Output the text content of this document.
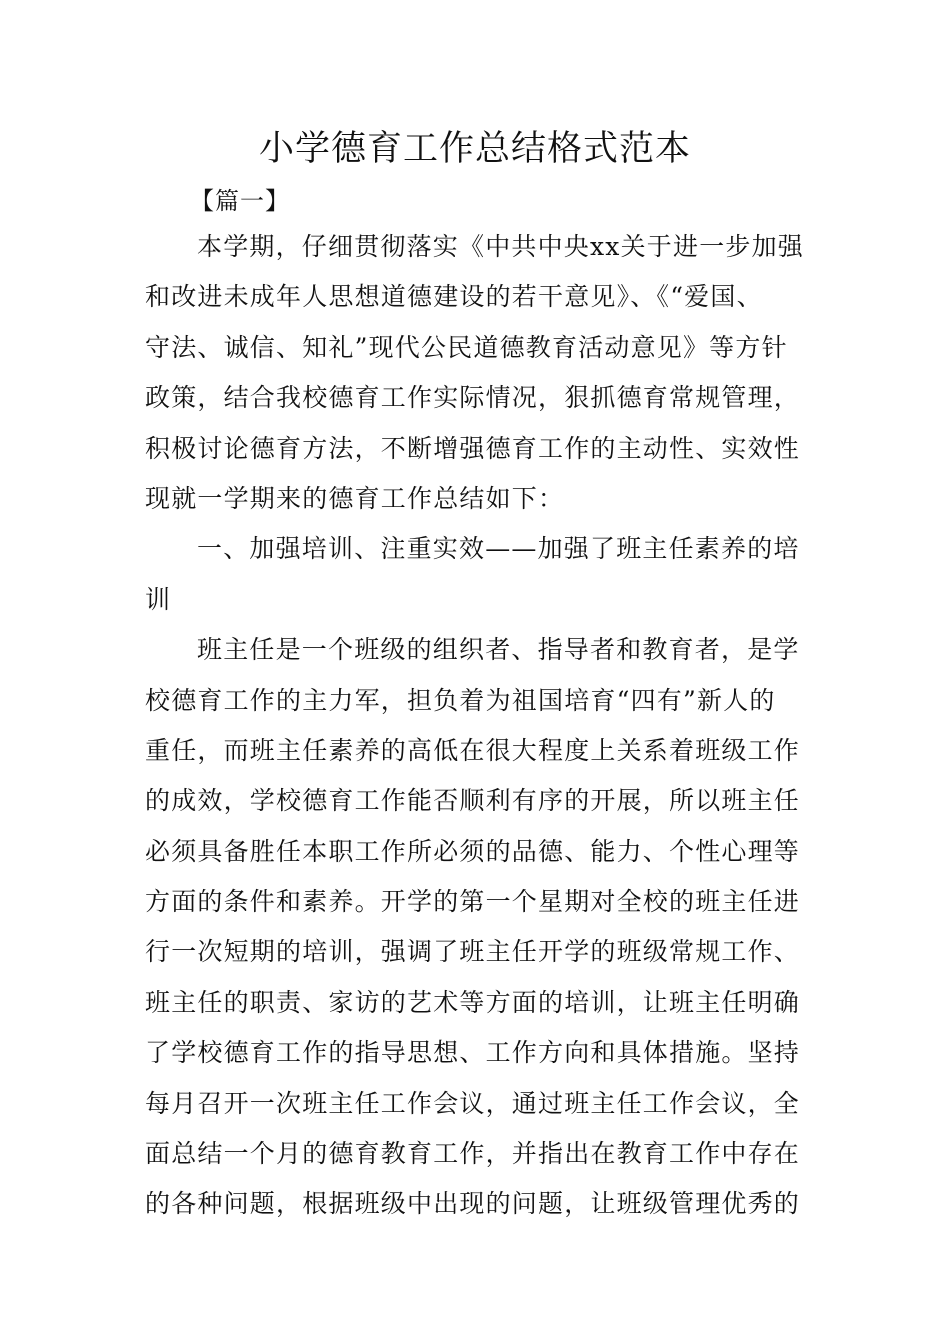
小学德育工作总结格式范本
【篇一】
本学期，仔细贯彻落实《中共中央xx关于进一步加强
和改进未成年人思想道德建设的若干意见》、《“爱国、
守法、诚信、知礼”现代公民道德教育活动意见》等方针
政策，结合我校德育工作实际情况，狠抓德育常规管理，
积极讨论德育方法，不断增强德育工作的主动性、实效性
现就一学期来的德育工作总结如下：
一、加强培训、注重实效——加强了班主任素养的培
训
班主任是一个班级的组织者、指导者和教育者，是学
校德育工作的主力军，担负着为祖国培育“四有”新人的
重任，而班主任素养的高低在很大程度上关系着班级工作
的成效，学校德育工作能否顺利有序的开展，所以班主任
必须具备胜任本职工作所必须的品德、能力、个性心理等
方面的条件和素养。开学的第一个星期对全校的班主任进
行一次短期的培训，强调了班主任开学的班级常规工作、
班主任的职责、家访的艺术等方面的培训，让班主任明确
了学校德育工作的指导思想、工作方向和具体措施。坚持
每月召开一次班主任工作会议，通过班主任工作会议，全
面总结一个月的德育教育工作，并指出在教育工作中存在
的各种问题，根据班级中出现的问题，让班级管理优秀的
